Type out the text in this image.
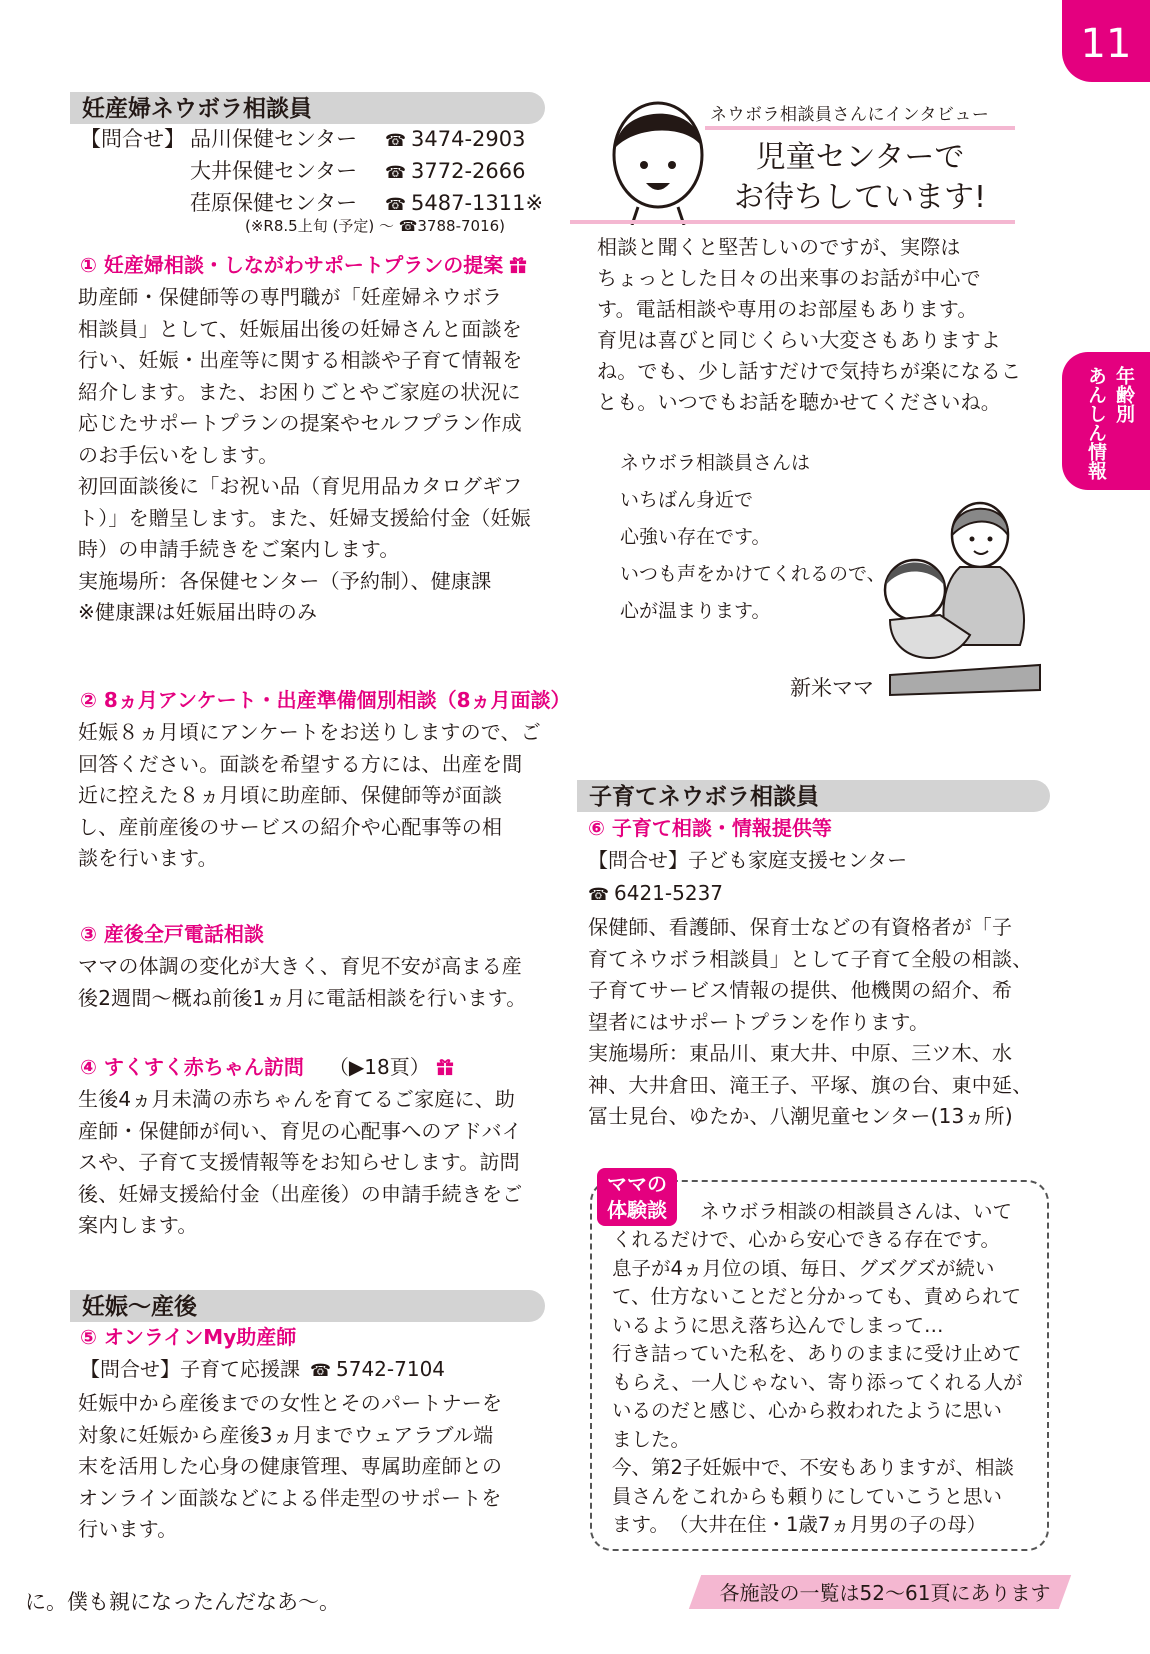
11
年齢別
あんしん情報
妊産婦ネウボラ相談員
【問合せ】 品川保健センター ☎ 3474-2903
大井保健センター ☎ 3772-2666
荏原保健センター ☎ 5487-1311※
(※R8.5上旬 (予定) ～ ☎3788-7016)
① 妊産婦相談・しながわサポートプランの提案
助産師・保健師等の専門職が「妊産婦ネウボラ
相談員」として、妊娠届出後の妊婦さんと面談を
行い、妊娠・出産等に関する相談や子育て情報を
紹介します。また、お困りごとやご家庭の状況に
応じたサポートプランの提案やセルフプラン作成
のお手伝いをします。
初回面談後に「お祝い品（育児用品カタログギフ
ト）」を贈呈します。また、妊婦支援給付金（妊娠
時）の申請手続きをご案内します。
実施場所：各保健センター（予約制）、健康課
※健康課は妊娠届出時のみ
② 8ヵ月アンケート・出産準備個別相談（8ヵ月面談）
妊娠８ヵ月頃にアンケートをお送りしますので、ご
回答ください。面談を希望する方には、出産を間
近に控えた８ヵ月頃に助産師、保健師等が面談
し、産前産後のサービスの紹介や心配事等の相
談を行います。
③ 産後全戸電話相談
ママの体調の変化が大きく、育児不安が高まる産
後2週間～概ね前後1ヵ月に電話相談を行います。
④ すくすく赤ちゃん訪問 （▶18頁）
生後4ヵ月未満の赤ちゃんを育てるご家庭に、助
産師・保健師が伺い、育児の心配事へのアドバイ
スや、子育て支援情報等をお知らせします。訪問
後、妊婦支援給付金（出産後）の申請手続きをご
案内します。
妊娠～産後
⑤ オンラインMy助産師
【問合せ】子育て応援課 ☎ 5742-7104
妊娠中から産後までの女性とそのパートナーを
対象に妊娠から産後3ヵ月までウェアラブル端
末を活用した心身の健康管理、専属助産師との
オンライン面談などによる伴走型のサポートを
行います。
に。僕も親になったんだなあ～。
ネウボラ相談員さんにインタビュー
児童センターで
お待ちしています!
相談と聞くと堅苦しいのですが、実際は
ちょっとした日々の出来事のお話が中心で
す。電話相談や専用のお部屋もあります。
育児は喜びと同じくらい大変さもありますよ
ね。でも、少し話すだけで気持ちが楽になるこ
とも。いつでもお話を聴かせてくださいね。
ネウボラ相談員さんは
いちばん身近で
心強い存在です。
いつも声をかけてくれるので、
心が温まります。
新米ママ
子育てネウボラ相談員
⑥ 子育て相談・情報提供等
【問合せ】子ども家庭支援センター
☎ 6421-5237
保健師、看護師、保育士などの有資格者が「子
育てネウボラ相談員」として子育て全般の相談、
子育てサービス情報の提供、他機関の紹介、希
望者にはサポートプランを作ります。
実施場所：東品川、東大井、中原、三ツ木、水
神、大井倉田、滝王子、平塚、旗の台、東中延、
冨士見台、ゆたか、八潮児童センター(13ヵ所)
ママの
体験談	ネウボラ相談の相談員さんは、いて
くれるだけで、心から安心できる存在です。
息子が4ヵ月位の頃、毎日、グズグズが続い
て、仕方ないことだと分かっても、責められて
いるように思え落ち込んでしまって…
行き詰っていた私を、ありのままに受け止めて
もらえ、一人じゃない、寄り添ってくれる人が
いるのだと感じ、心から救われたように思い
ました。
今、第2子妊娠中で、不安もありますが、相談
員さんをこれからも頼りにしていこうと思い
ます。　（大井在住・1歳7ヵ月男の子の母）
各施設の一覧は52～61頁にあります
